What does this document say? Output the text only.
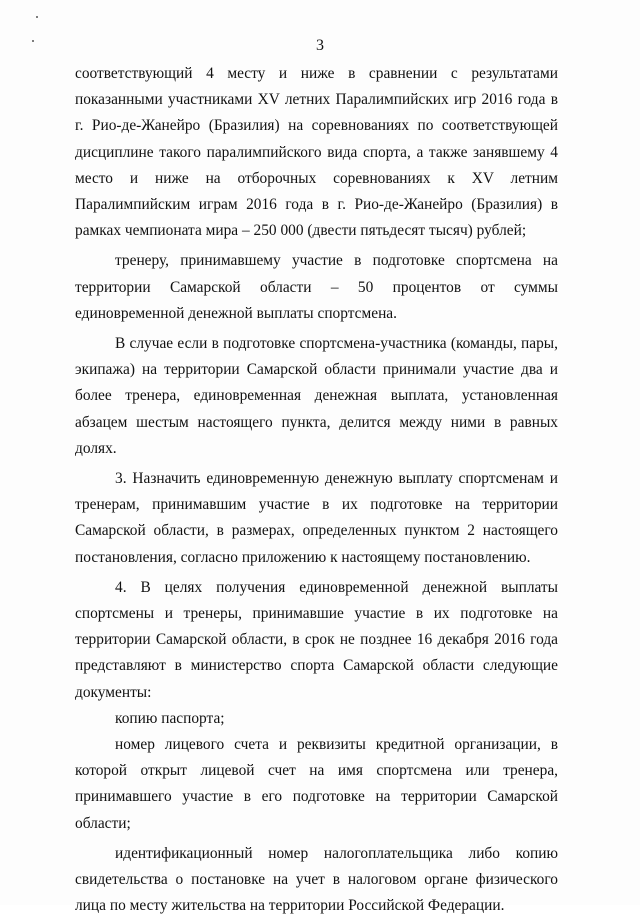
3

соответствующий 4 месту и ниже в сравнении с результатами показанными участниками XV летних Паралимпийских игр 2016 года в г. Рио-де-Жанейро (Бразилия) на соревнованиях по соответствующей дисциплине такого паралимпийского вида спорта, а также занявшему 4 место и ниже на отборочных соревнованиях к XV летним Паралимпийским играм 2016 года в г. Рио-де-Жанейро (Бразилия) в рамках чемпионата мира – 250 000 (двести пятьдесят тысяч) рублей;

тренеру, принимавшему участие в подготовке спортсмена на территории Самарской области – 50 процентов от суммы единовременной денежной выплаты спортсмена.

В случае если в подготовке спортсмена-участника (команды, пары, экипажа) на территории Самарской области принимали участие два и более тренера, единовременная денежная выплата, установленная абзацем шестым настоящего пункта, делится между ними в равных долях.

3. Назначить единовременную денежную выплату спортсменам и тренерам, принимавшим участие в их подготовке на территории Самарской области, в размерах, определенных пунктом 2 настоящего постановления, согласно приложению к настоящему постановлению.

4. В целях получения единовременной денежной выплаты спортсмены и тренеры, принимавшие участие в их подготовке на территории Самарской области, в срок не позднее 16 декабря 2016 года представляют в министерство спорта Самарской области следующие документы:

копию паспорта;

номер лицевого счета и реквизиты кредитной организации, в которой открыт лицевой счет на имя спортсмена или тренера, принимавшего участие в его подготовке на территории Самарской области;

идентификационный номер налогоплательщика либо копию свидетельства о постановке на учет в налоговом органе физического лица по месту жительства на территории Российской Федерации.
